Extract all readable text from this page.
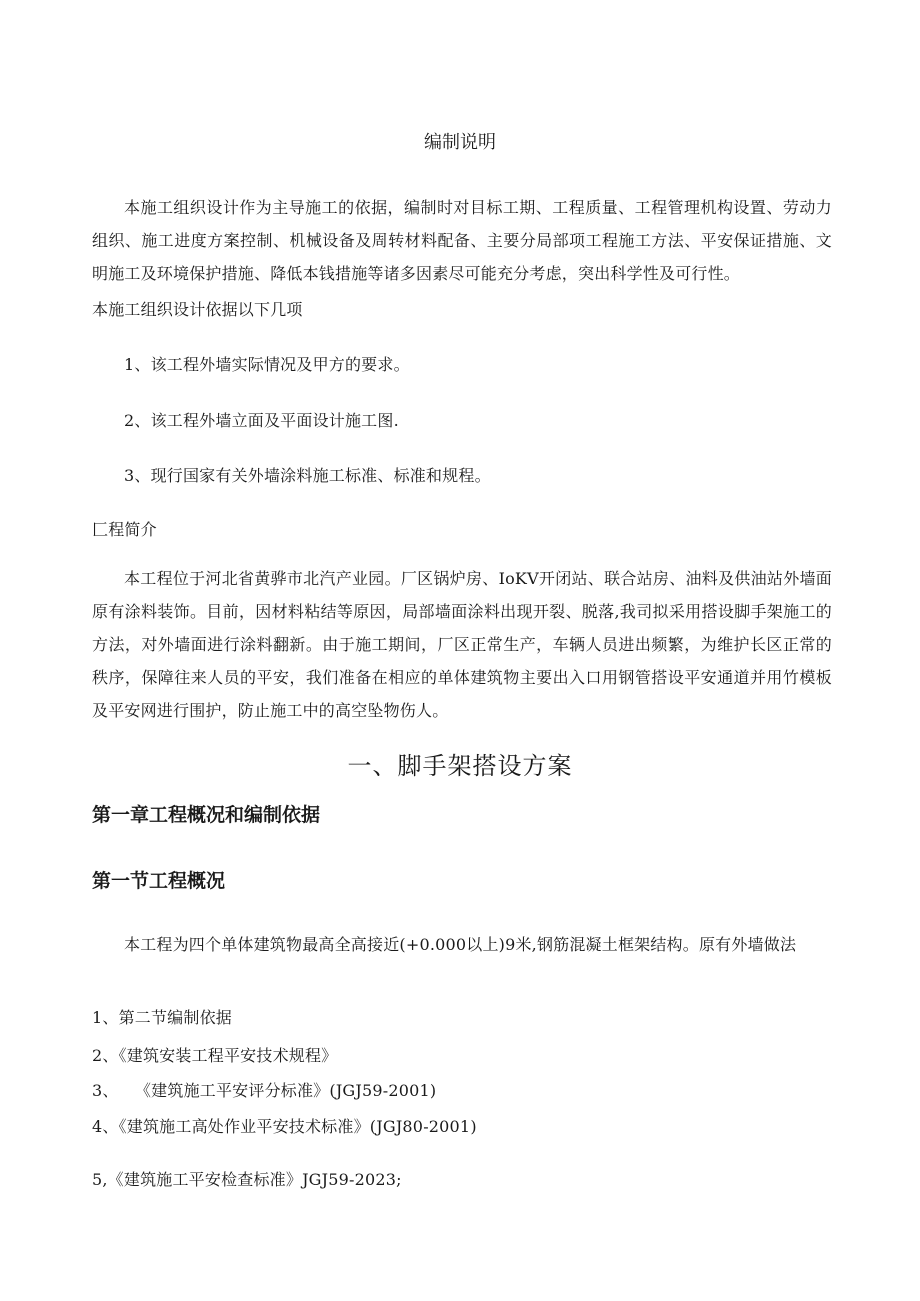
编制说明
本施工组织设计作为主导施工的依据，编制时对目标工期、工程质量、工程管理机构设置、劳动力组织、施工进度方案控制、机械设备及周转材料配备、主要分局部项工程施工方法、平安保证措施、文明施工及环境保护措施、降低本钱措施等诸多因素尽可能充分考虑，突出科学性及可行性。
本施工组织设计依据以下几项
1、该工程外墙实际情况及甲方的要求。
2、该工程外墙立面及平面设计施工图.
3、现行国家有关外墙涂料施工标准、标准和规程。
匚程简介
本工程位于河北省黄骅市北汽产业园。厂区锅炉房、IoKV开闭站、联合站房、油料及供油站外墙面原有涂料装饰。目前，因材料粘结等原因，局部墙面涂料出现开裂、脱落,我司拟采用搭设脚手架施工的方法，对外墙面进行涂料翻新。由于施工期间，厂区正常生产，车辆人员进出频繁，为维护长区正常的秩序，保障往来人员的平安，我们准备在相应的单体建筑物主要出入口用钢管搭设平安通道并用竹模板及平安网进行围护，防止施工中的高空坠物伤人。
一、脚手架搭设方案
第一章工程概况和编制依据
第一节工程概况
本工程为四个单体建筑物最高全高接近(+0.000以上)9米,钢筋混凝土框架结构。原有外墙做法
1、第二节编制依据
2、《建筑安装工程平安技术规程》
3、　　《建筑施工平安评分标准》(JGJ59-2001)
4、《建筑施工高处作业平安技术标准》(JGJ80-2001)
5,《建筑施工平安检查标准》JGJ59-2023;
